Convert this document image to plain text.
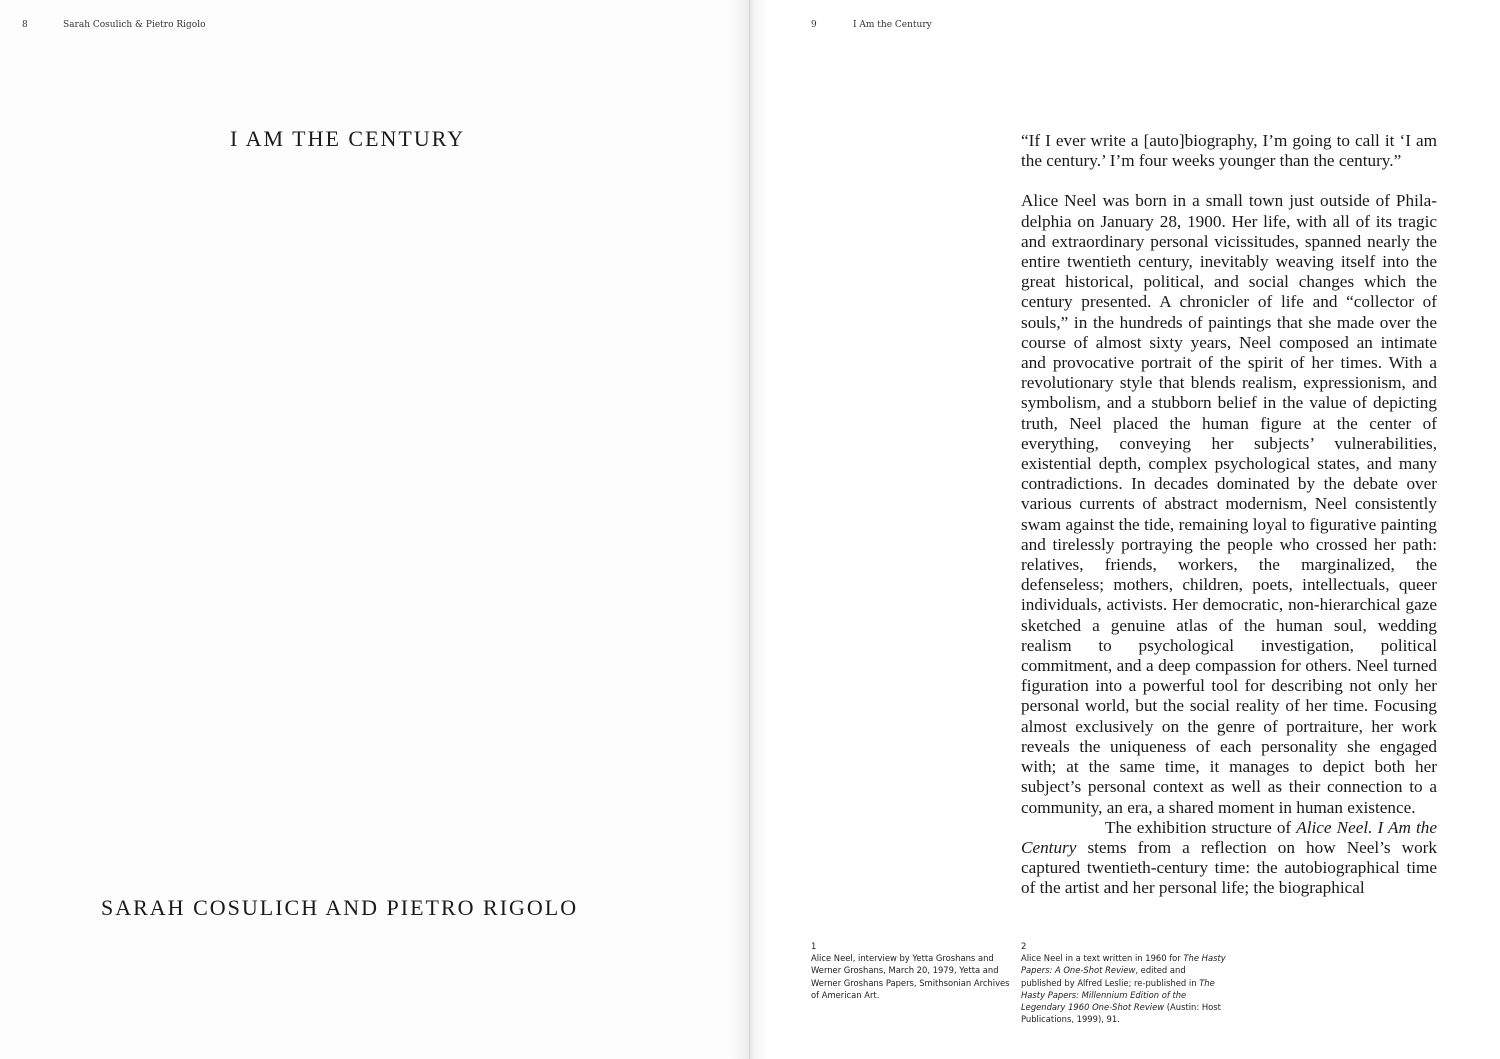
8	Sarah Cosulich & Pietro Rigolo
I AM THE CENTURY
SARAH COSULICH AND PIETRO RIGOLO
9	I Am the Century

“If I ever write a [auto]biography, I’m going to call it ‘I am the century.’ I’m four weeks younger than the century.”

Alice Neel was born in a small town just outside of Philadelphia on January 28, 1900. Her life, with all of its tragic and extraordinary personal vicissitudes, spanned nearly the entire twentieth century, inevitably weaving itself into the great historical, political, and social changes which the century presented. A chronicler of life and “collector of souls,” in the hundreds of paintings that she made over the course of almost sixty years, Neel composed an intimate and provocative portrait of the spirit of her times. With a revolutionary style that blends realism, expressionism, and symbolism, and a stubborn belief in the value of depicting truth, Neel placed the human figure at the center of everything, conveying her subjects’ vulnerabilities, existential depth, complex psychological states, and many contradictions. In decades dominated by the debate over various currents of abstract modernism, Neel consistently swam against the tide, remaining loyal to figurative painting and tirelessly portraying the people who crossed her path: relatives, friends, workers, the marginalized, the defenseless; mothers, children, poets, intellectuals, queer individuals, activists. Her democratic, non-hierarchical gaze sketched a genuine atlas of the human soul, wedding realism to psychological investigation, political commitment, and a deep compassion for others. Neel turned figuration into a powerful tool for describing not only her personal world, but the social reality of her time. Focusing almost exclusively on the genre of portraiture, her work reveals the uniqueness of each personality she engaged with; at the same time, it manages to depict both her subject’s personal context as well as their connection to a community, an era, a shared moment in human existence.

The exhibition structure of Alice Neel. I Am the Century stems from a reflection on how Neel’s work captured twentieth-century time: the autobiographical time of the artist and her personal life; the biographical

1
Alice Neel, interview by Yetta Groshans and Werner Groshans, March 20, 1979, Yetta and Werner Groshans Papers, Smithsonian Archives of American Art.
2
Alice Neel in a text written in 1960 for The Hasty Papers: A One-Shot Review, edited and published by Alfred Leslie; re-published in The Hasty Papers: Millennium Edition of the Legendary 1960 One-Shot Review (Austin: Host Publications, 1999), 91.
